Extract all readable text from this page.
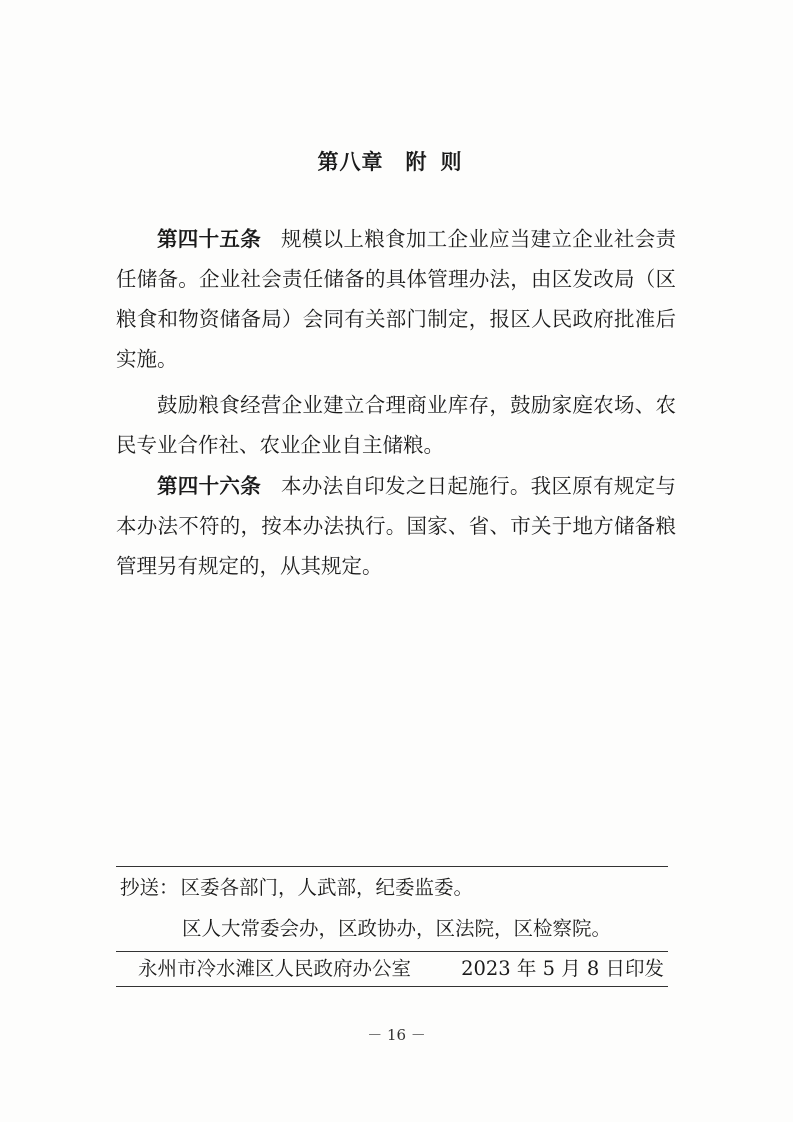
第八章 附则

第四十五条 规模以上粮食加工企业应当建立企业社会责任储备。企业社会责任储备的具体管理办法，由区发改局（区粮食和物资储备局）会同有关部门制定，报区人民政府批准后实施。

鼓励粮食经营企业建立合理商业库存，鼓励家庭农场、农民专业合作社、农业企业自主储粮。

第四十六条 本办法自印发之日起施行。我区原有规定与本办法不符的，按本办法执行。国家、省、市关于地方储备粮管理另有规定的，从其规定。

抄送： 区委各部门，人武部，纪委监委。
区人大常委会办，区政协办，区法院，区检察院。
永州市冷水滩区人民政府办公室	2023 年 5 月 8 日印发
－ 16 －
